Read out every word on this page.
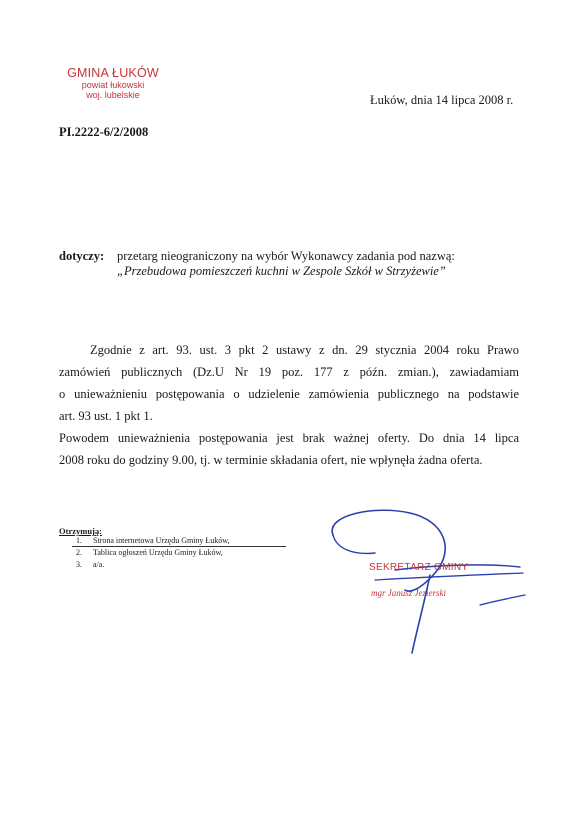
GMINA ŁUKÓW
powiat łukowski
woj. lubelskie	Łuków, dnia 14 lipca 2008 r.
PI.2222-6/2/2008
dotyczy: przetarg nieograniczony na wybór Wykonawcy zadania pod nazwą:
„Przebudowa pomieszczeń kuchni w Zespole Szkół w Strzyżewie”
Zgodnie z art. 93. ust. 3 pkt 2 ustawy z dn. 29 stycznia 2004 roku Prawo
zamówień publicznych (Dz.U Nr 19 poz. 177 z późn. zmian.), zawiadamiam
o unieważnieniu postępowania o udzielenie zamówienia publicznego na podstawie
art. 93 ust. 1 pkt 1.
Powodem unieważnienia postępowania jest brak ważnej oferty. Do dnia 14 lipca
2008 roku do godziny 9.00, tj. w terminie składania ofert, nie wpłynęła żadna oferta.
Otrzymują:
1. Strona internetowa Urzędu Gminy Łuków,
2. Tablica ogłoszeń Urzędu Gminy Łuków,
3. a/a.	SEKRETARZ GMINY
mgr Janusz Jezierski
